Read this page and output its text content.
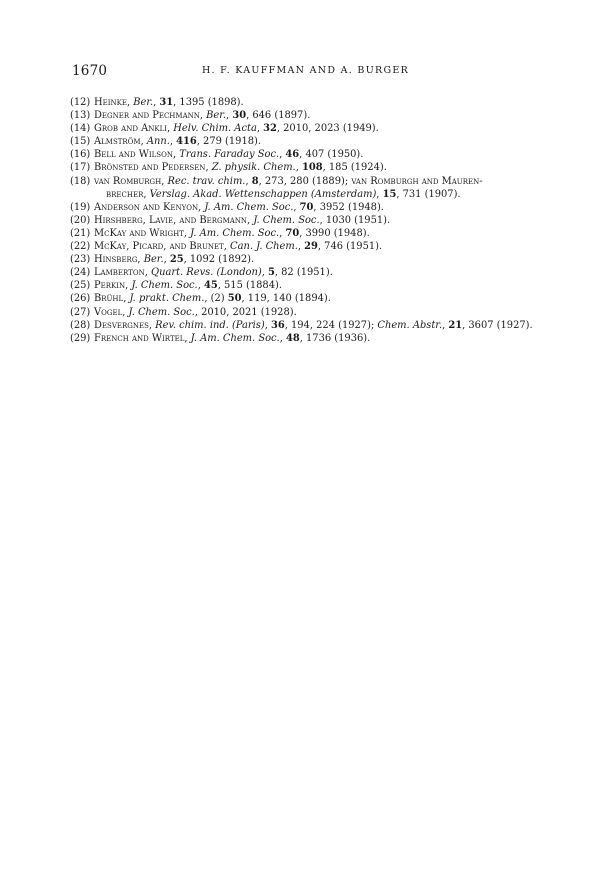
1670	H. F. KAUFFMAN AND A. BURGER
(12) Heinke, Ber., 31, 1395 (1898).
(13) Degner and Pechmann, Ber., 30, 646 (1897).
(14) Grob and Ankli, Helv. Chim. Acta, 32, 2010, 2023 (1949).
(15) Almström, Ann., 416, 279 (1918).
(16) Bell and Wilson, Trans. Faraday Soc., 46, 407 (1950).
(17) Brönsted and Pedersen, Z. physik. Chem., 108, 185 (1924).
(18) van Romburgh, Rec. trav. chim., 8, 273, 280 (1889); van Romburgh and Mauren-
brecher, Verslag. Akad. Wettenschappen (Amsterdam), 15, 731 (1907).
(19) Anderson and Kenyon, J. Am. Chem. Soc., 70, 3952 (1948).
(20) Hirshberg, Lavie, and Bergmann, J. Chem. Soc., 1030 (1951).
(21) McKay and Wright, J. Am. Chem. Soc., 70, 3990 (1948).
(22) McKay, Picard, and Brunet, Can. J. Chem., 29, 746 (1951).
(23) Hinsberg, Ber., 25, 1092 (1892).
(24) Lamberton, Quart. Revs. (London), 5, 82 (1951).
(25) Perkin, J. Chem. Soc., 45, 515 (1884).
(26) Brühl, J. prakt. Chem., (2) 50, 119, 140 (1894).
(27) Vogel, J. Chem. Soc., 2010, 2021 (1928).
(28) Desvergnes, Rev. chim. ind. (Paris), 36, 194, 224 (1927); Chem. Abstr., 21, 3607 (1927).
(29) French and Wirtel, J. Am. Chem. Soc., 48, 1736 (1936).
